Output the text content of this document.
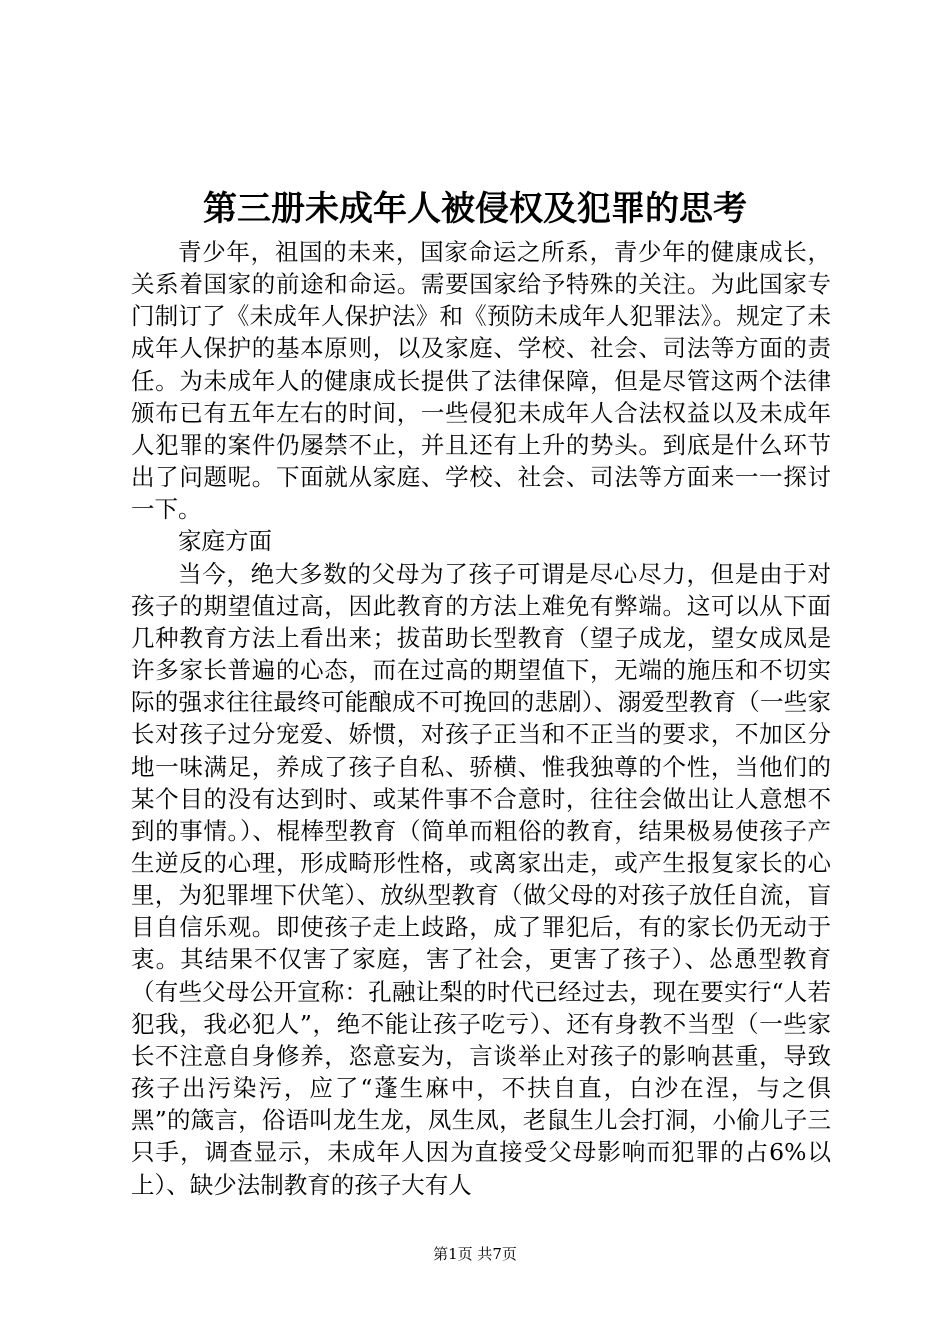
第三册未成年人被侵权及犯罪的思考

青少年，祖国的未来，国家命运之所系，青少年的健康成长，关系着国家的前途和命运。需要国家给予特殊的关注。为此国家专门制订了《未成年人保护法》和《预防未成年人犯罪法》。规定了未成年人保护的基本原则，以及家庭、学校、社会、司法等方面的责任。为未成年人的健康成长提供了法律保障，但是尽管这两个法律颁布已有五年左右的时间，一些侵犯未成年人合法权益以及未成年人犯罪的案件仍屡禁不止，并且还有上升的势头。到底是什么环节出了问题呢。下面就从家庭、学校、社会、司法等方面来一一探讨一下。

家庭方面

当今，绝大多数的父母为了孩子可谓是尽心尽力，但是由于对孩子的期望值过高，因此教育的方法上难免有弊端。这可以从下面几种教育方法上看出来；拔苗助长型教育（望子成龙，望女成凤是许多家长普遍的心态，而在过高的期望值下，无端的施压和不切实际的强求往往最终可能酿成不可挽回的悲剧）、溺爱型教育（一些家长对孩子过分宠爱、娇惯，对孩子正当和不正当的要求，不加区分地一味满足，养成了孩子自私、骄横、惟我独尊的个性，当他们的某个目的没有达到时、或某件事不合意时，往往会做出让人意想不到的事情。）、棍棒型教育（简单而粗俗的教育，结果极易使孩子产生逆反的心理，形成畸形性格，或离家出走，或产生报复家长的心里，为犯罪埋下伏笔）、放纵型教育（做父母的对孩子放任自流，盲目自信乐观。即使孩子走上歧路，成了罪犯后，有的家长仍无动于衷。其结果不仅害了家庭，害了社会，更害了孩子）、怂恿型教育（有些父母公开宣称：孔融让梨的时代已经过去，现在要实行“人若犯我，我必犯人”，绝不能让孩子吃亏）、还有身教不当型（一些家长不注意自身修养，恣意妄为，言谈举止对孩子的影响甚重，导致孩子出污染污，应了“蓬生麻中，不扶自直，白沙在涅，与之俱黑”的箴言，俗语叫龙生龙，凤生凤，老鼠生儿会打洞，小偷儿子三只手，调查显示，未成年人因为直接受父母影响而犯罪的占6%以上）、缺少法制教育的孩子大有人

第1页 共7页
